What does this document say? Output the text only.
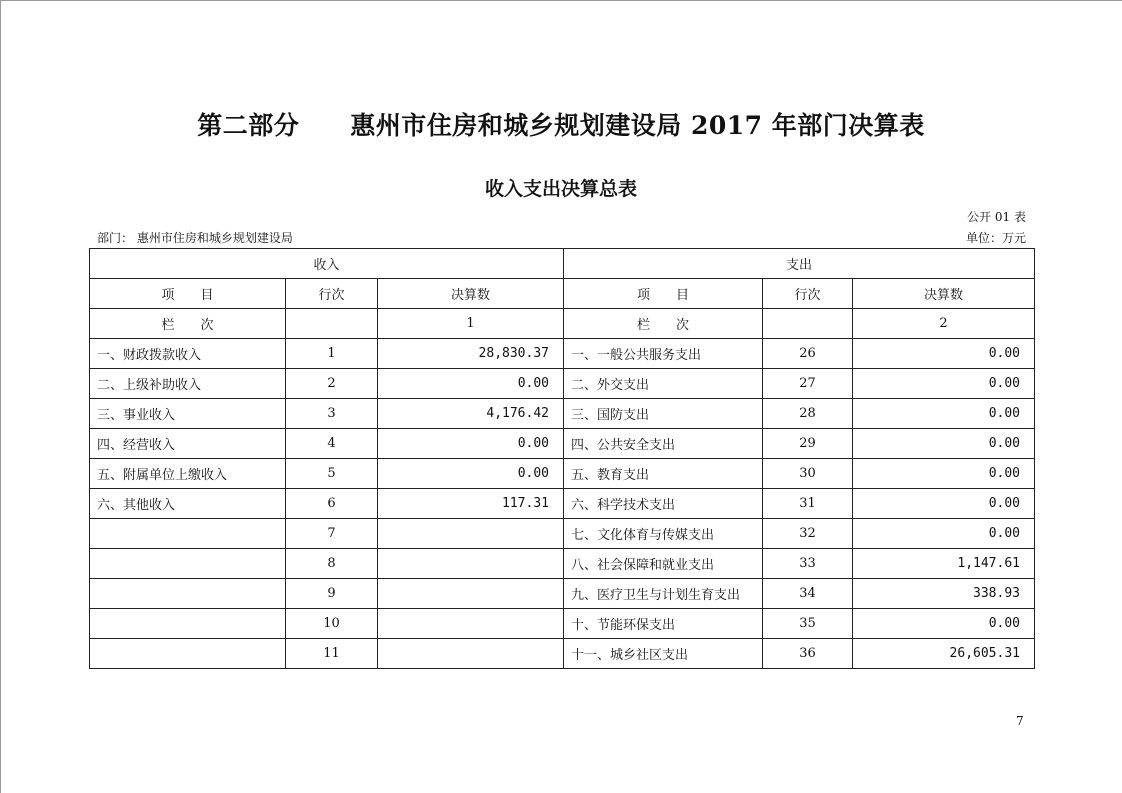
第二部分　　惠州市住房和城乡规划建设局 2017 年部门决算表
收入支出决算总表
公开 01 表
部门： 惠州市住房和城乡规划建设局	单位：万元
收入			支出		
项　　目	行次	决算数	项　　目	行次	决算数
栏　　次		1	栏　　次		2
一、财政拨款收入	1	28,830.37	一、一般公共服务支出	26	0.00
二、上级补助收入	2	0.00	二、外交支出	27	0.00
三、事业收入	3	4,176.42	三、国防支出	28	0.00
四、经营收入	4	0.00	四、公共安全支出	29	0.00
五、附属单位上缴收入	5	0.00	五、教育支出	30	0.00
六、其他收入	6	117.31	六、科学技术支出	31	0.00
	7		七、文化体育与传媒支出	32	0.00
	8		八、社会保障和就业支出	33	1,147.61
	9		九、医疗卫生与计划生育支出	34	338.93
	10		十、节能环保支出	35	0.00
	11		十一、城乡社区支出	36	26,605.31
7
